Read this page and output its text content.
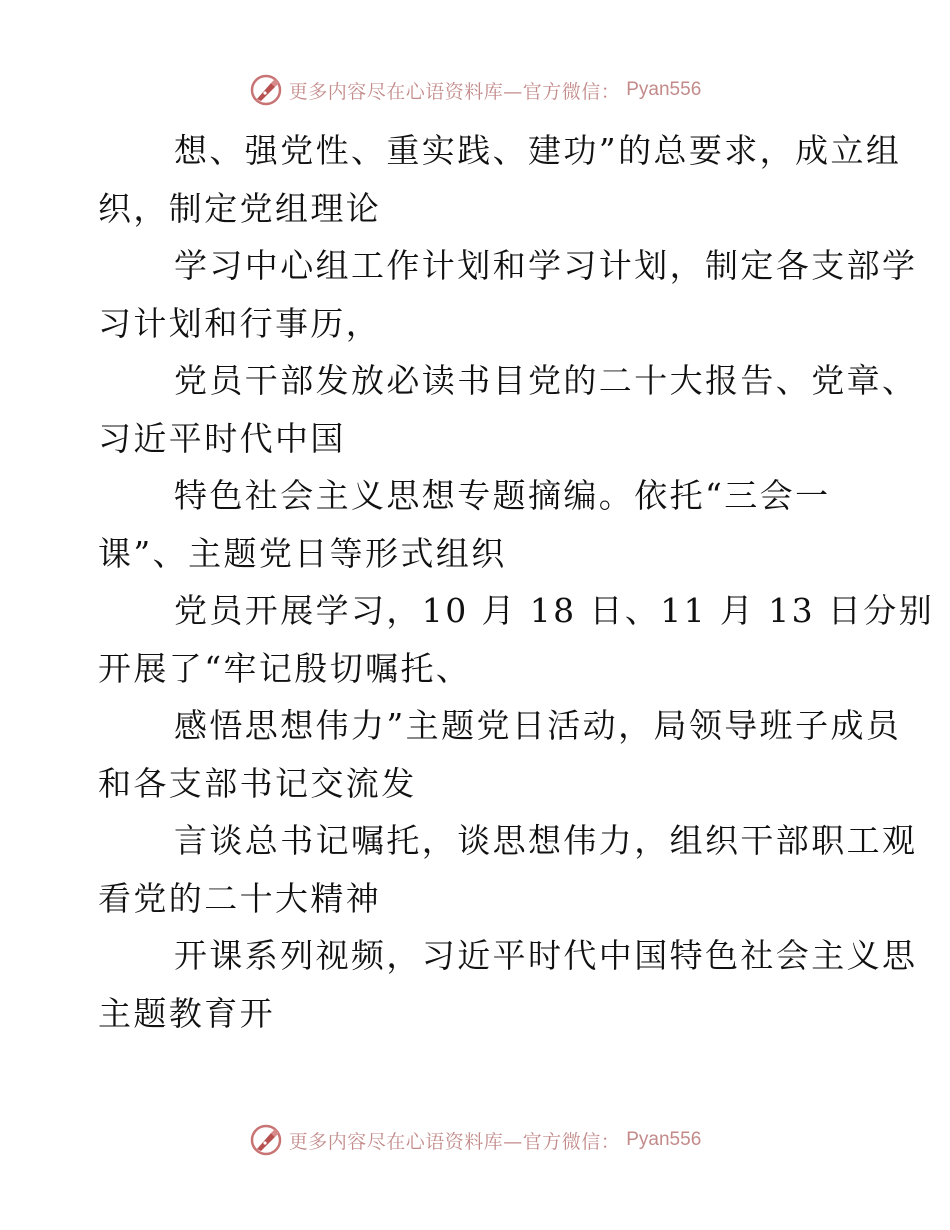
更多内容尽在心语资料库—官方微信： Pyan556

想、强党性、重实践、建功”的总要求，成立组
织，制定党组理论

学习中心组工作计划和学习计划，制定各支部学
习计划和行事历，

党员干部发放必读书目党的二十大报告、党章、
习近平时代中国

特色社会主义思想专题摘编。依托“三会一
课”、主题党日等形式组织

党员开展学习，10 月 18 日、11 月 13 日分别
开展了“牢记殷切嘱托、

感悟思想伟力”主题党日活动，局领导班子成员
和各支部书记交流发

言谈总书记嘱托，谈思想伟力，组织干部职工观
看党的二十大精神

开课系列视频，习近平时代中国特色社会主义思
主题教育开

更多内容尽在心语资料库—官方微信： Pyan556
